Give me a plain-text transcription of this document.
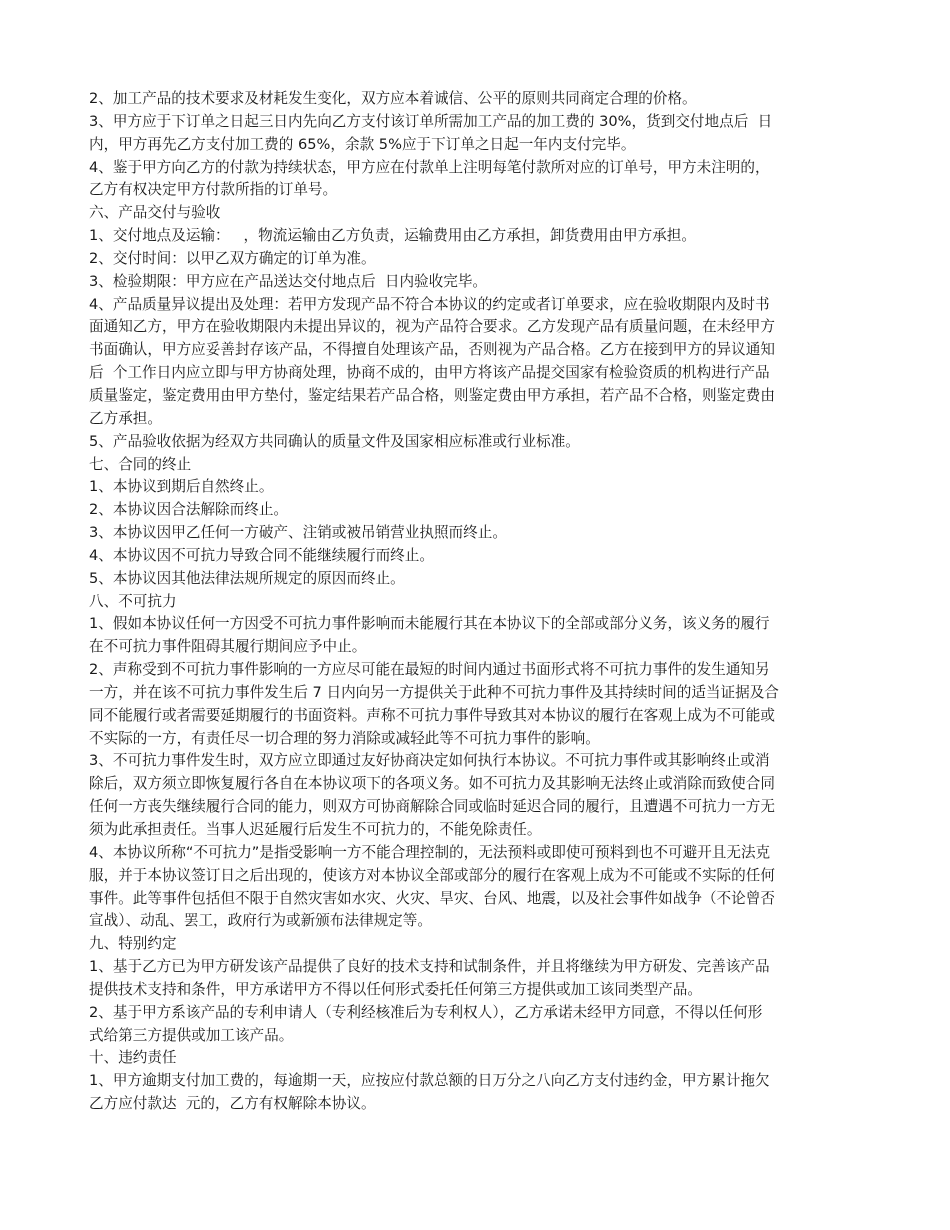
2、加工产品的技术要求及材耗发生变化，双方应本着诚信、公平的原则共同商定合理的价格。
3、甲方应于下订单之日起三日内先向乙方支付该订单所需加工产品的加工费的 30%，货到交付地点后  日
内，甲方再先乙方支付加工费的 65%，余款 5%应于下订单之日起一年内支付完毕。
4、鉴于甲方向乙方的付款为持续状态，甲方应在付款单上注明每笔付款所对应的订单号，甲方未注明的，
乙方有权决定甲方付款所指的订单号。
六、产品交付与验收
1、交付地点及运输：   ，物流运输由乙方负责，运输费用由乙方承担，卸货费用由甲方承担。
2、交付时间：以甲乙双方确定的订单为准。
3、检验期限：甲方应在产品送达交付地点后  日内验收完毕。
4、产品质量异议提出及处理：若甲方发现产品不符合本协议的约定或者订单要求，应在验收期限内及时书
面通知乙方，甲方在验收期限内未提出异议的，视为产品符合要求。乙方发现产品有质量问题，在未经甲方
书面确认，甲方应妥善封存该产品，不得擅自处理该产品，否则视为产品合格。乙方在接到甲方的异议通知
后  个工作日内应立即与甲方协商处理，协商不成的，由甲方将该产品提交国家有检验资质的机构进行产品
质量鉴定，鉴定费用由甲方垫付，鉴定结果若产品合格，则鉴定费由甲方承担，若产品不合格，则鉴定费由
乙方承担。
5、产品验收依据为经双方共同确认的质量文件及国家相应标准或行业标准。
七、合同的终止
1、本协议到期后自然终止。
2、本协议因合法解除而终止。
3、本协议因甲乙任何一方破产、注销或被吊销营业执照而终止。
4、本协议因不可抗力导致合同不能继续履行而终止。
5、本协议因其他法律法规所规定的原因而终止。
八、不可抗力
1、假如本协议任何一方因受不可抗力事件影响而未能履行其在本协议下的全部或部分义务，该义务的履行
在不可抗力事件阻碍其履行期间应予中止。
2、声称受到不可抗力事件影响的一方应尽可能在最短的时间内通过书面形式将不可抗力事件的发生通知另
一方，并在该不可抗力事件发生后 7 日内向另一方提供关于此种不可抗力事件及其持续时间的适当证据及合
同不能履行或者需要延期履行的书面资料。声称不可抗力事件导致其对本协议的履行在客观上成为不可能或
不实际的一方，有责任尽一切合理的努力消除或减轻此等不可抗力事件的影响。
3、不可抗力事件发生时，双方应立即通过友好协商决定如何执行本协议。不可抗力事件或其影响终止或消
除后，双方须立即恢复履行各自在本协议项下的各项义务。如不可抗力及其影响无法终止或消除而致使合同
任何一方丧失继续履行合同的能力，则双方可协商解除合同或临时延迟合同的履行，且遭遇不可抗力一方无
须为此承担责任。当事人迟延履行后发生不可抗力的，不能免除责任。
4、本协议所称“不可抗力”是指受影响一方不能合理控制的，无法预料或即使可预料到也不可避开且无法克
服，并于本协议签订日之后出现的，使该方对本协议全部或部分的履行在客观上成为不可能或不实际的任何
事件。此等事件包括但不限于自然灾害如水灾、火灾、旱灾、台风、地震，以及社会事件如战争（不论曾否
宣战）、动乱、罢工，政府行为或新颁布法律规定等。
九、特别约定
1、基于乙方已为甲方研发该产品提供了良好的技术支持和试制条件，并且将继续为甲方研发、完善该产品
提供技术支持和条件，甲方承诺甲方不得以任何形式委托任何第三方提供或加工该同类型产品。
2、基于甲方系该产品的专利申请人（专利经核准后为专利权人），乙方承诺未经甲方同意，不得以任何形
式给第三方提供或加工该产品。
十、违约责任
1、甲方逾期支付加工费的，每逾期一天，应按应付款总额的日万分之八向乙方支付违约金，甲方累计拖欠
乙方应付款达  元的，乙方有权解除本协议。
